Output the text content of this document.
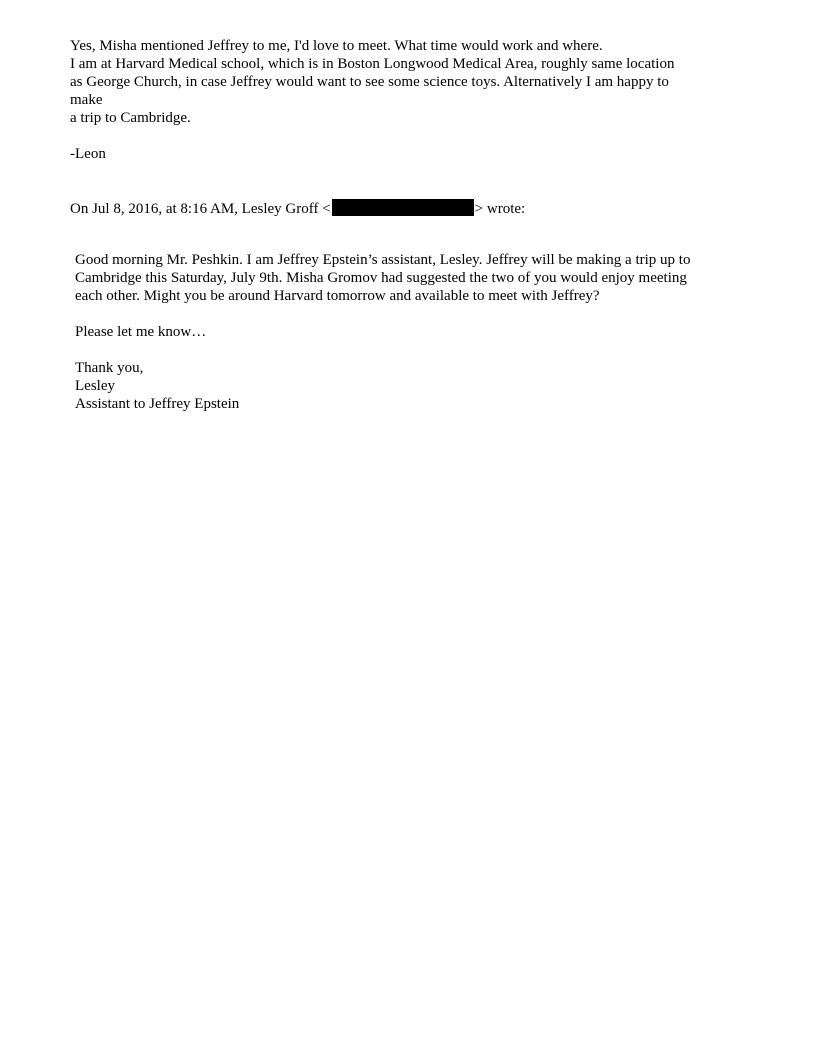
Yes, Misha mentioned Jeffrey to me, I'd love to meet. What time would work and where.
I am at Harvard Medical school, which is in Boston Longwood Medical Area, roughly same location
as George Church, in case Jeffrey would want to see some science toys. Alternatively I am happy to
make
a trip to Cambridge.
-Leon
On Jul 8, 2016, at 8:16 AM, Lesley Groff <	> wrote:
Good morning Mr. Peshkin. I am Jeffrey Epstein’s assistant, Lesley. Jeffrey will be making a trip up to
Cambridge this Saturday, July 9th. Misha Gromov had suggested the two of you would enjoy meeting
each other. Might you be around Harvard tomorrow and available to meet with Jeffrey?
Please let me know…
Thank you,
Lesley
Assistant to Jeffrey Epstein
